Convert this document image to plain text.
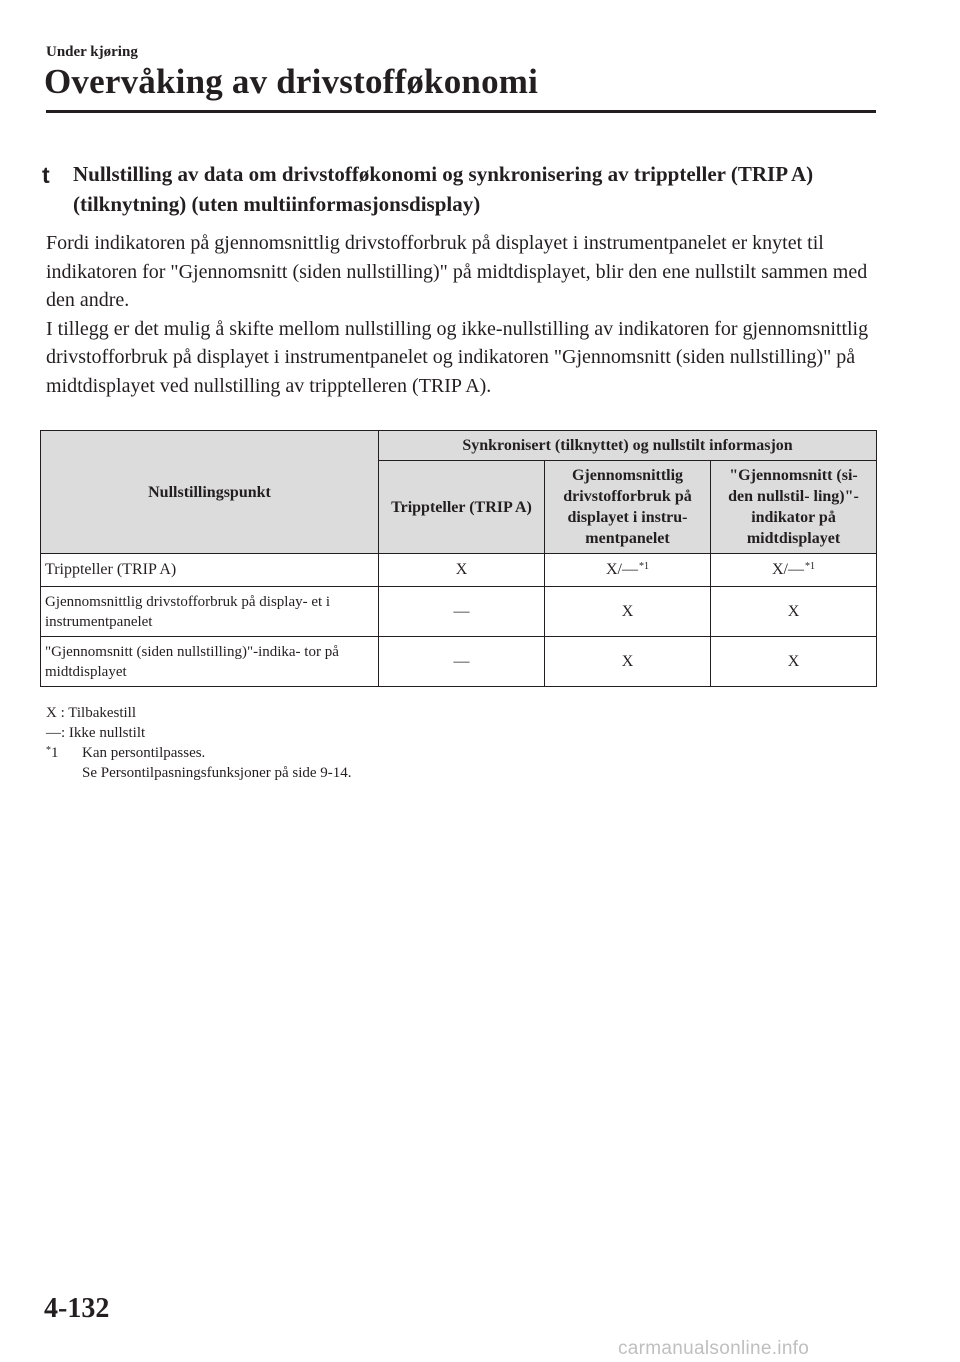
Under kjøring
Overvåking av drivstofføkonomi
t Nullstilling av data om drivstofføkonomi og synkronisering av trippteller (TRIP A) (tilknytning) (uten multiinformasjonsdisplay)

Fordi indikatoren på gjennomsnittlig drivstofforbruk på displayet i instrumentpanelet er knytet til indikatoren for "Gjennomsnitt (siden nullstilling)" på midtdisplayet, blir den ene nullstilt sammen med den andre.

I tillegg er det mulig å skifte mellom nullstilling og ikke-nullstilling av indikatoren for gjennomsnittlig drivstofforbruk på displayet i instrumentpanelet og indikatoren "Gjennomsnitt (siden nullstilling)" på midtdisplayet ved nullstilling av tripptelleren (TRIP A).

Nullstillingspunkt	Synkronisert (tilknyttet) og nullstilt informasjon		
	Trippteller (TRIP A)	Gjennomsnittlig drivstofforbruk på displayet i instru- mentpanelet	"Gjennomsnitt (si- den nullstil- ling)"-indikator på midtdisplayet
Trippteller (TRIP A)	X	X/—$^{*1}$	X/—$^{*1}$
Gjennomsnittlig drivstofforbruk på display- et i instrumentpanelet	—	X	X
"Gjennomsnitt (siden nullstilling)"-indika- tor på midtdisplayet	—	X	X
X : Tilbakestill
—: Ikke nullstilt
*1	Kan persontilpasses.
Se Persontilpasningsfunksjoner på side 9-14.
4-132
carmanualsonline.info
